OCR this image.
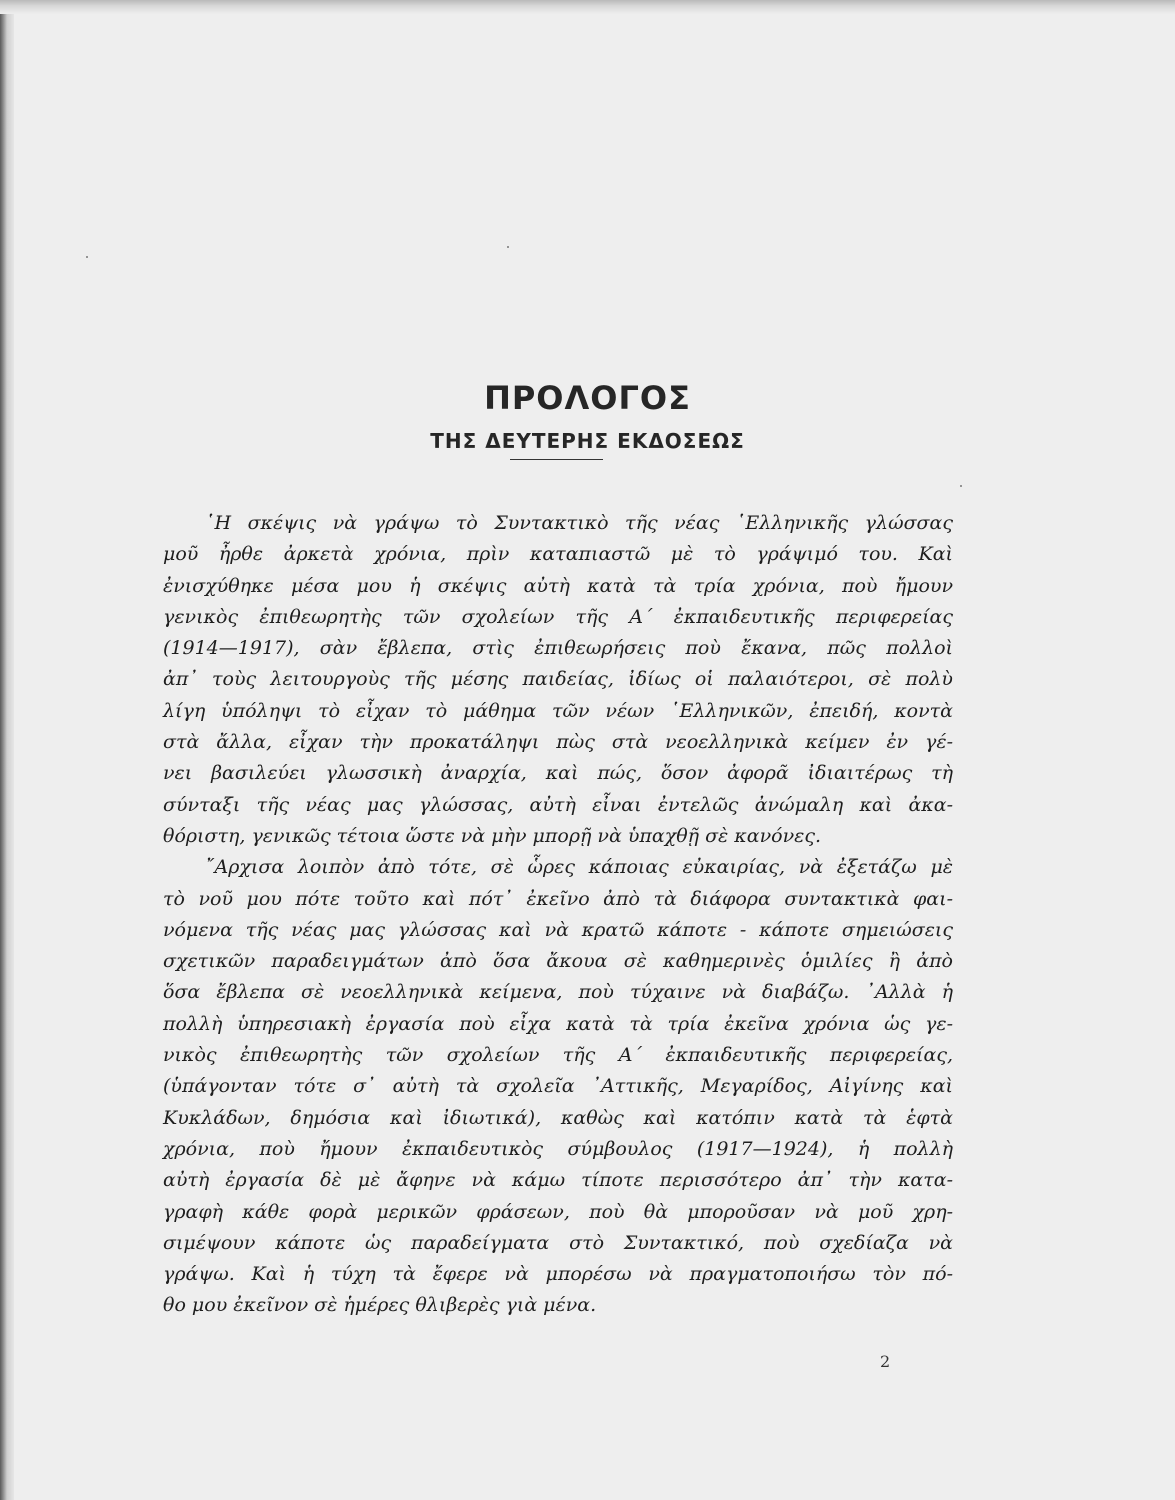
ΠΡΟΛΟΓΟΣ
ΤΗΣ ΔΕΥΤΕΡΗΣ ΕΚΔΟΣΕΩΣ
῾Η σκέψις νὰ γράψω τὸ Συντακτικὸ τῆς νέας ῾Ελληνικῆς γλώσσας
μοῦ ἦρθε ἀρκετὰ χρόνια, πρὶν καταπιαστῶ μὲ τὸ γράψιμό του. Καὶ
ἐνισχύθηκε μέσα μου ἡ σκέψις αὐτὴ κατὰ τὰ τρία χρόνια, ποὺ ἤμουν
γενικὸς ἐπιθεωρητὴς τῶν σχολείων τῆς Α΄ ἐκπαιδευτικῆς περιφερείας
(1914—1917), σὰν ἔβλεπα, στὶς ἐπιθεωρήσεις ποὺ ἔκανα, πῶς πολλοὶ
ἀπ᾽ τοὺς λειτουργοὺς τῆς μέσης παιδείας, ἰδίως οἱ παλαιότεροι, σὲ πολὺ
λίγη ὑπόληψι τὸ εἶχαν τὸ μάθημα τῶν νέων ῾Ελληνικῶν, ἐπειδή, κοντὰ
στὰ ἄλλα, εἶχαν τὴν προκατάληψι πὼς στὰ νεοελληνικὰ κείμεν ἐν γέ-
νει βασιλεύει γλωσσικὴ ἀναρχία, καὶ πώς, ὅσον ἀφορᾶ ἰδιαιτέρως τὴ
σύνταξι τῆς νέας μας γλώσσας, αὐτὴ εἶναι ἐντελῶς ἀνώμαλη καὶ ἀκα-
θόριστη, γενικῶς τέτοια ὥστε νὰ μὴν μπορῇ νὰ ὑπαχθῇ σὲ κανόνες.
῎Αρχισα λοιπὸν ἀπὸ τότε, σὲ ὧρες κάποιας εὐκαιρίας, νὰ ἐξετάζω μὲ
τὸ νοῦ μου πότε τοῦτο καὶ πότ᾽ ἐκεῖνο ἀπὸ τὰ διάφορα συντακτικὰ φαι-
νόμενα τῆς νέας μας γλώσσας καὶ νὰ κρατῶ κάποτε - κάποτε σημειώσεις
σχετικῶν παραδειγμάτων ἀπὸ ὅσα ἄκουα σὲ καθημερινὲς ὁμιλίες ἢ ἀπὸ
ὅσα ἔβλεπα σὲ νεοελληνικὰ κείμενα, ποὺ τύχαινε νὰ διαβάζω. ᾽Αλλὰ ἡ
πολλὴ ὑπηρεσιακὴ ἐργασία ποὺ εἶχα κατὰ τὰ τρία ἐκεῖνα χρόνια ὡς γε-
νικὸς ἐπιθεωρητὴς τῶν σχολείων τῆς Α΄ ἐκπαιδευτικῆς περιφερείας,
(ὑπάγονταν τότε σ᾽ αὐτὴ τὰ σχολεῖα ᾽Αττικῆς, Μεγαρίδος, Αἰγίνης καὶ
Κυκλάδων, δημόσια καὶ ἰδιωτικά), καθὼς καὶ κατόπιν κατὰ τὰ ἑφτὰ
χρόνια, ποὺ ἤμουν ἐκπαιδευτικὸς σύμβουλος (1917—1924), ἡ πολλὴ
αὐτὴ ἐργασία δὲ μὲ ἄφηνε νὰ κάμω τίποτε περισσότερο ἀπ᾽ τὴν κατα-
γραφὴ κάθε φορὰ μερικῶν φράσεων, ποὺ θὰ μποροῦσαν νὰ μοῦ χρη-
σιμέψουν κάποτε ὡς παραδείγματα στὸ Συντακτικό, ποὺ σχεδίαζα νὰ
γράψω. Καὶ ἡ τύχη τὰ ἔφερε νὰ μπορέσω νὰ πραγματοποιήσω τὸν πό-
θο μου ἐκεῖνον σὲ ἡμέρες θλιβερὲς γιὰ μένα.
2
